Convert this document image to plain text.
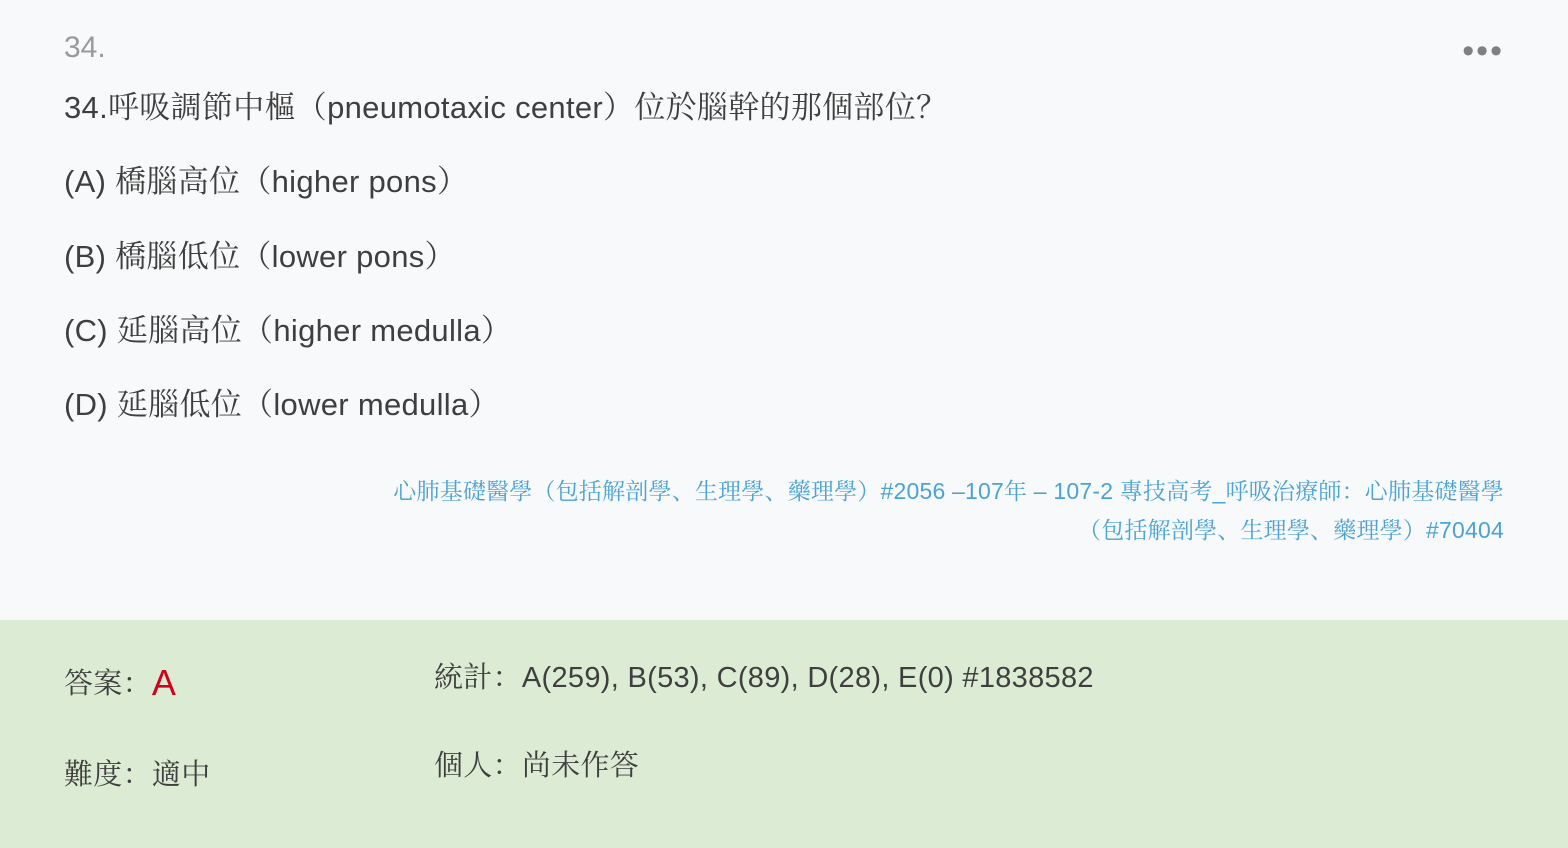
34.	•••
34.呼吸調節中樞（pneumotaxic center）位於腦幹的那個部位？
(A) 橋腦高位（higher pons）
(B) 橋腦低位（lower pons）
(C) 延腦高位（higher medulla）
(D) 延腦低位（lower medulla）
心肺基礎醫學（包括解剖學、生理學、藥理學）#2056 –107年 – 107-2 專技高考_呼吸治療師：心肺基礎醫學
（包括解剖學、生理學、藥理學）#70404
答案：A
難度：適中
統計：A(259), B(53), C(89), D(28), E(0) #1838582
個人：尚未作答
